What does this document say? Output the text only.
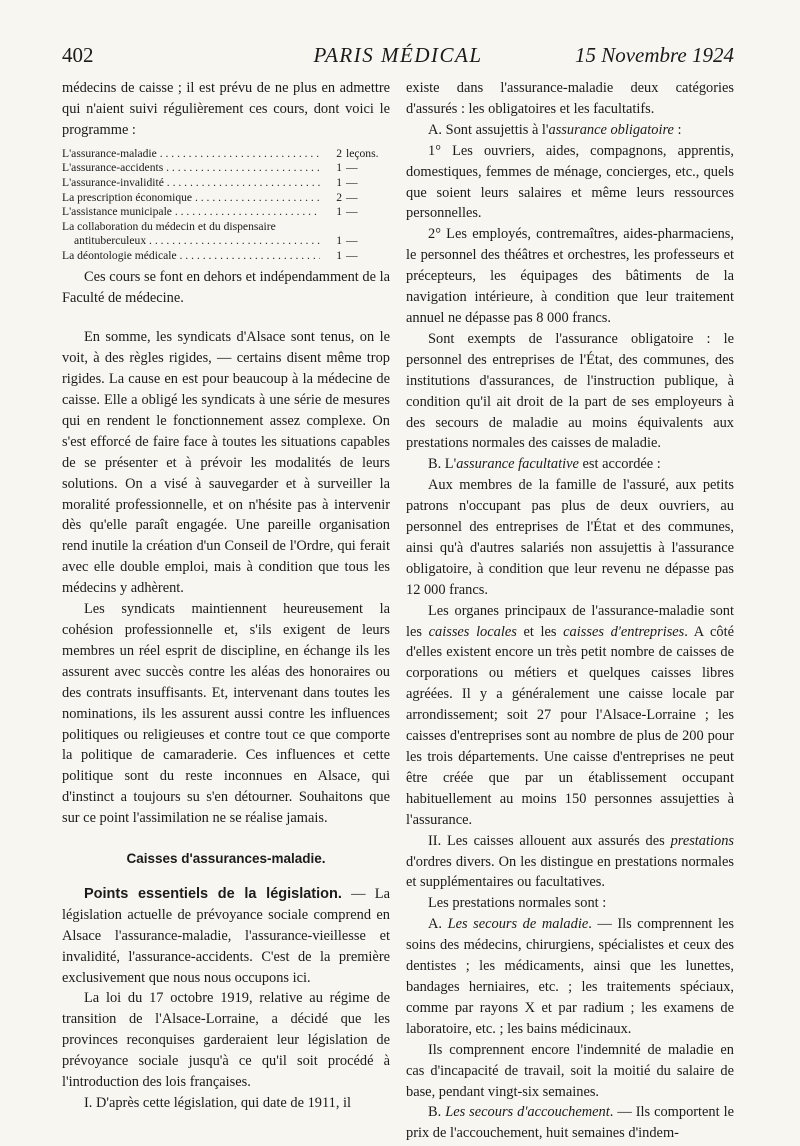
402	PARIS MÉDICAL	15 Novembre 1924

médecins de caisse ; il est prévu de ne plus en admettre qui n'aient suivi régulièrement ces cours, dont voici le programme :

L'assurance-maladie . . .	2 leçons.
L'assurance-accidents . . .	1 —
L'assurance-invalidité . . .	1 —
La prescription économique . . .	2 —
L'assistance municipale . . .	1 —
La collaboration du médecin et du dispensaire
antituberculeux . . .	1 —
La déontologie médicale . . .	1 —

Ces cours se font en dehors et indépendamment de la Faculté de médecine.

En somme, les syndicats d'Alsace sont tenus, on le voit, à des règles rigides, — certains disent même trop rigides. La cause en est pour beaucoup à la médecine de caisse. Elle a obligé les syndicats à une série de mesures qui en rendent le fonctionnement assez complexe. On s'est efforcé de faire face à toutes les situations capables de se présenter et à prévoir les modalités de leurs solutions. On a visé à sauvegarder et à surveiller la moralité professionnelle, et on n'hésite pas à intervenir dès qu'elle paraît engagée. Une pareille organisation rend inutile la création d'un Conseil de l'Ordre, qui ferait avec elle double emploi, mais à condition que tous les médecins y adhèrent.

Les syndicats maintiennent heureusement la cohésion professionnelle et, s'ils exigent de leurs membres un réel esprit de discipline, en échange ils les assurent avec succès contre les aléas des honoraires ou des contrats insuffisants. Et, intervenant dans toutes les nominations, ils les assurent aussi contre les influences politiques ou religieuses et contre tout ce que comporte la politique de camaraderie. Ces influences et cette politique sont du reste inconnues en Alsace, qui d'instinct a toujours su s'en détourner. Souhaitons que sur ce point l'assimilation ne se réalise jamais.

Caisses d'assurances-maladie.

Points essentiels de la législation. — La législation actuelle de prévoyance sociale comprend en Alsace l'assurance-maladie, l'assurance-vieillesse et invalidité, l'assurance-accidents. C'est de la première exclusivement que nous nous occupons ici.

La loi du 17 octobre 1919, relative au régime de transition de l'Alsace-Lorraine, a décidé que les provinces reconquises garderaient leur législation de prévoyance sociale jusqu'à ce qu'il soit procédé à l'introduction des lois françaises.

I. D'après cette législation, qui date de 1911, il

existe dans l'assurance-maladie deux catégories d'assurés : les obligatoires et les facultatifs.

A. Sont assujettis à l'assurance obligatoire :

1° Les ouvriers, aides, compagnons, apprentis, domestiques, femmes de ménage, concierges, etc., quels que soient leurs salaires et même leurs ressources personnelles.

2° Les employés, contremaîtres, aides-pharmaciens, le personnel des théâtres et orchestres, les professeurs et précepteurs, les équipages des bâtiments de la navigation intérieure, à condition que leur traitement annuel ne dépasse pas 8 000 francs.

Sont exempts de l'assurance obligatoire : le personnel des entreprises de l'État, des communes, des institutions d'assurances, de l'instruction publique, à condition qu'il ait droit de la part de ses employeurs à des secours de maladie au moins équivalents aux prestations normales des caisses de maladie.

B. L'assurance facultative est accordée :

Aux membres de la famille de l'assuré, aux petits patrons n'occupant pas plus de deux ouvriers, au personnel des entreprises de l'État et des communes, ainsi qu'à d'autres salariés non assujettis à l'assurance obligatoire, à condition que leur revenu ne dépasse pas 12 000 francs.

Les organes principaux de l'assurance-maladie sont les caisses locales et les caisses d'entreprises. A côté d'elles existent encore un très petit nombre de caisses de corporations ou métiers et quelques caisses libres agréées. Il y a généralement une caisse locale par arrondissement; soit 27 pour l'Alsace-Lorraine ; les caisses d'entreprises sont au nombre de plus de 200 pour les trois départements. Une caisse d'entreprises ne peut être créée que par un établissement occupant habituellement au moins 150 personnes assujetties à l'assurance.

II. Les caisses allouent aux assurés des prestations d'ordres divers. On les distingue en prestations normales et supplémentaires ou facultatives.

Les prestations normales sont :

A. Les secours de maladie. — Ils comprennent les soins des médecins, chirurgiens, spécialistes et ceux des dentistes ; les médicaments, ainsi que les lunettes, bandages herniaires, etc. ; les traitements spéciaux, comme par rayons X et par radium ; les examens de laboratoire, etc. ; les bains médicinaux.

Ils comprennent encore l'indemnité de maladie en cas d'incapacité de travail, soit la moitié du salaire de base, pendant vingt-six semaines.

B. Les secours d'accouchement. — Ils comportent le prix de l'accouchement, huit semaines d'indem-
